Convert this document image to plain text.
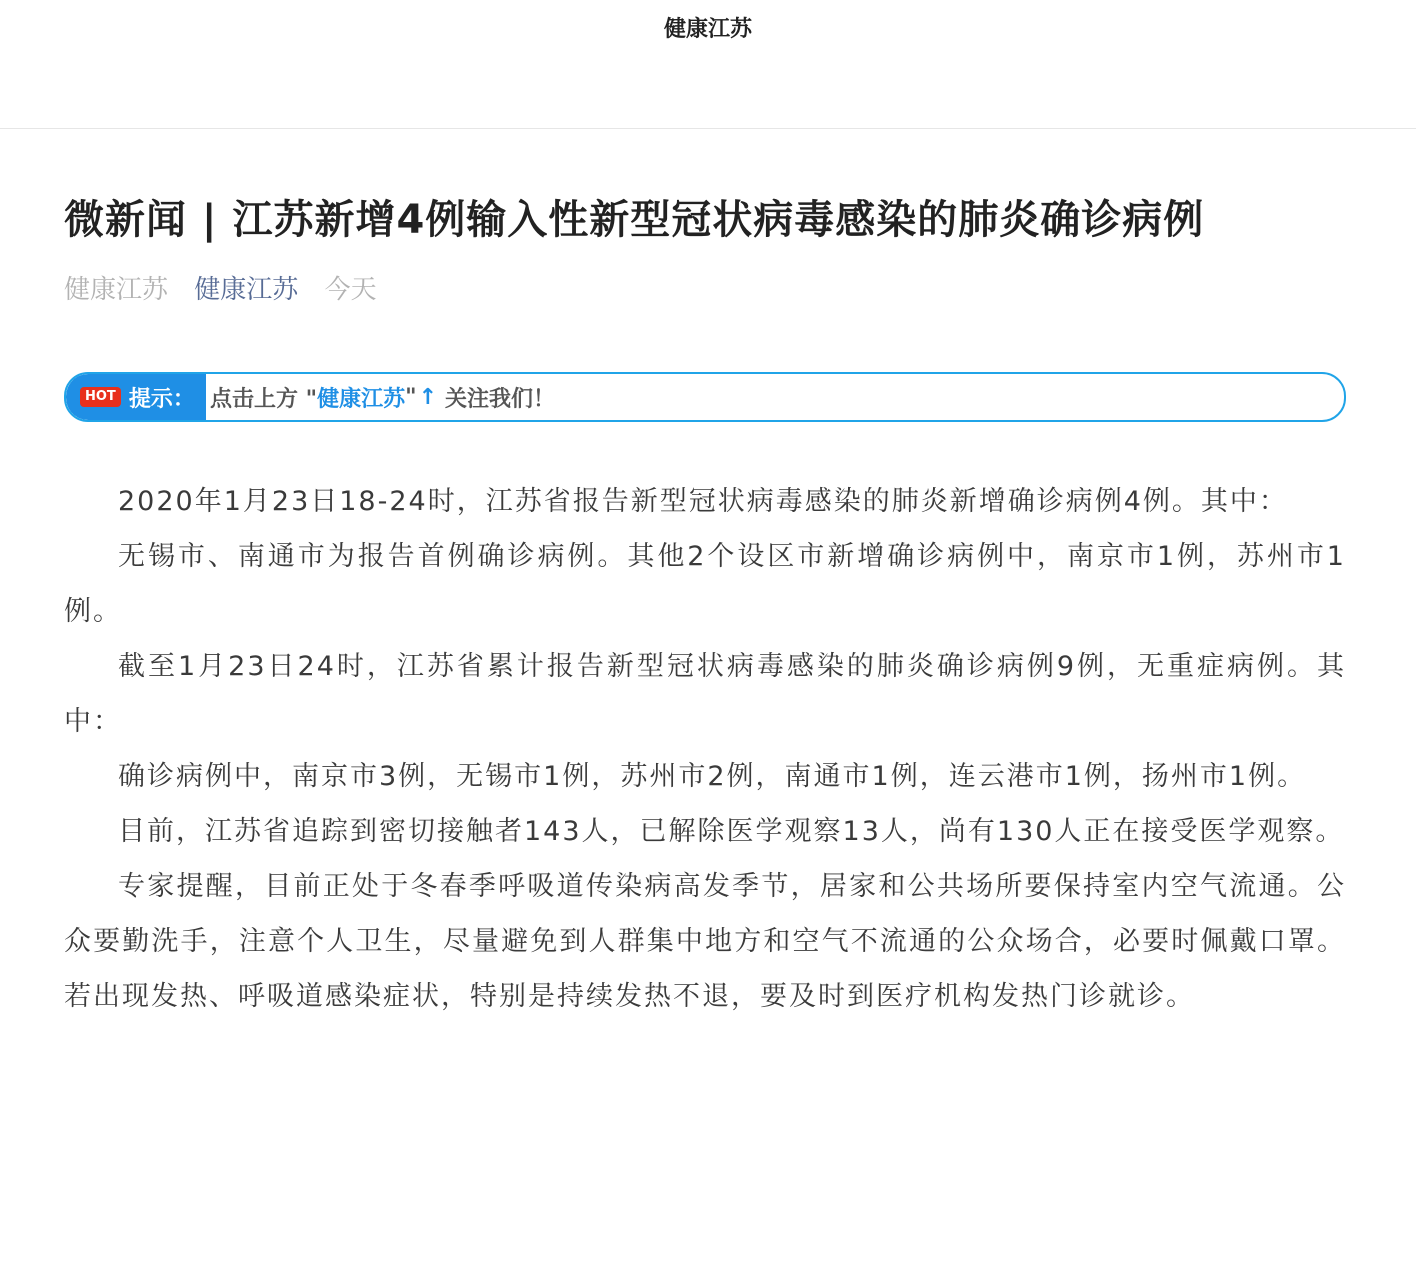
健康江苏
微新闻 | 江苏新增4例输入性新型冠状病毒感染的肺炎确诊病例
健康江苏 健康江苏 今天
HOT 提示： 点击上方 " 健康江苏 " ↑ 关注我们！

2020年1月23日18-24时，江苏省报告新型冠状病毒感染的肺炎新增确诊病例4例。其中：

无锡市、南通市为报告首例确诊病例。其他2个设区市新增确诊病例中，南京市1例，苏州市1例。

截至1月23日24时，江苏省累计报告新型冠状病毒感染的肺炎确诊病例9例，无重症病例。其中：

确诊病例中，南京市3例，无锡市1例，苏州市2例，南通市1例，连云港市1例，扬州市1例。

目前，江苏省追踪到密切接触者143人，已解除医学观察13人，尚有130人正在接受医学观察。

专家提醒，目前正处于冬春季呼吸道传染病高发季节，居家和公共场所要保持室内空气流通。公众要勤洗手，注意个人卫生，尽量避免到人群集中地方和空气不流通的公众场合，必要时佩戴口罩。若出现发热、呼吸道感染症状，特别是持续发热不退，要及时到医疗机构发热门诊就诊。
